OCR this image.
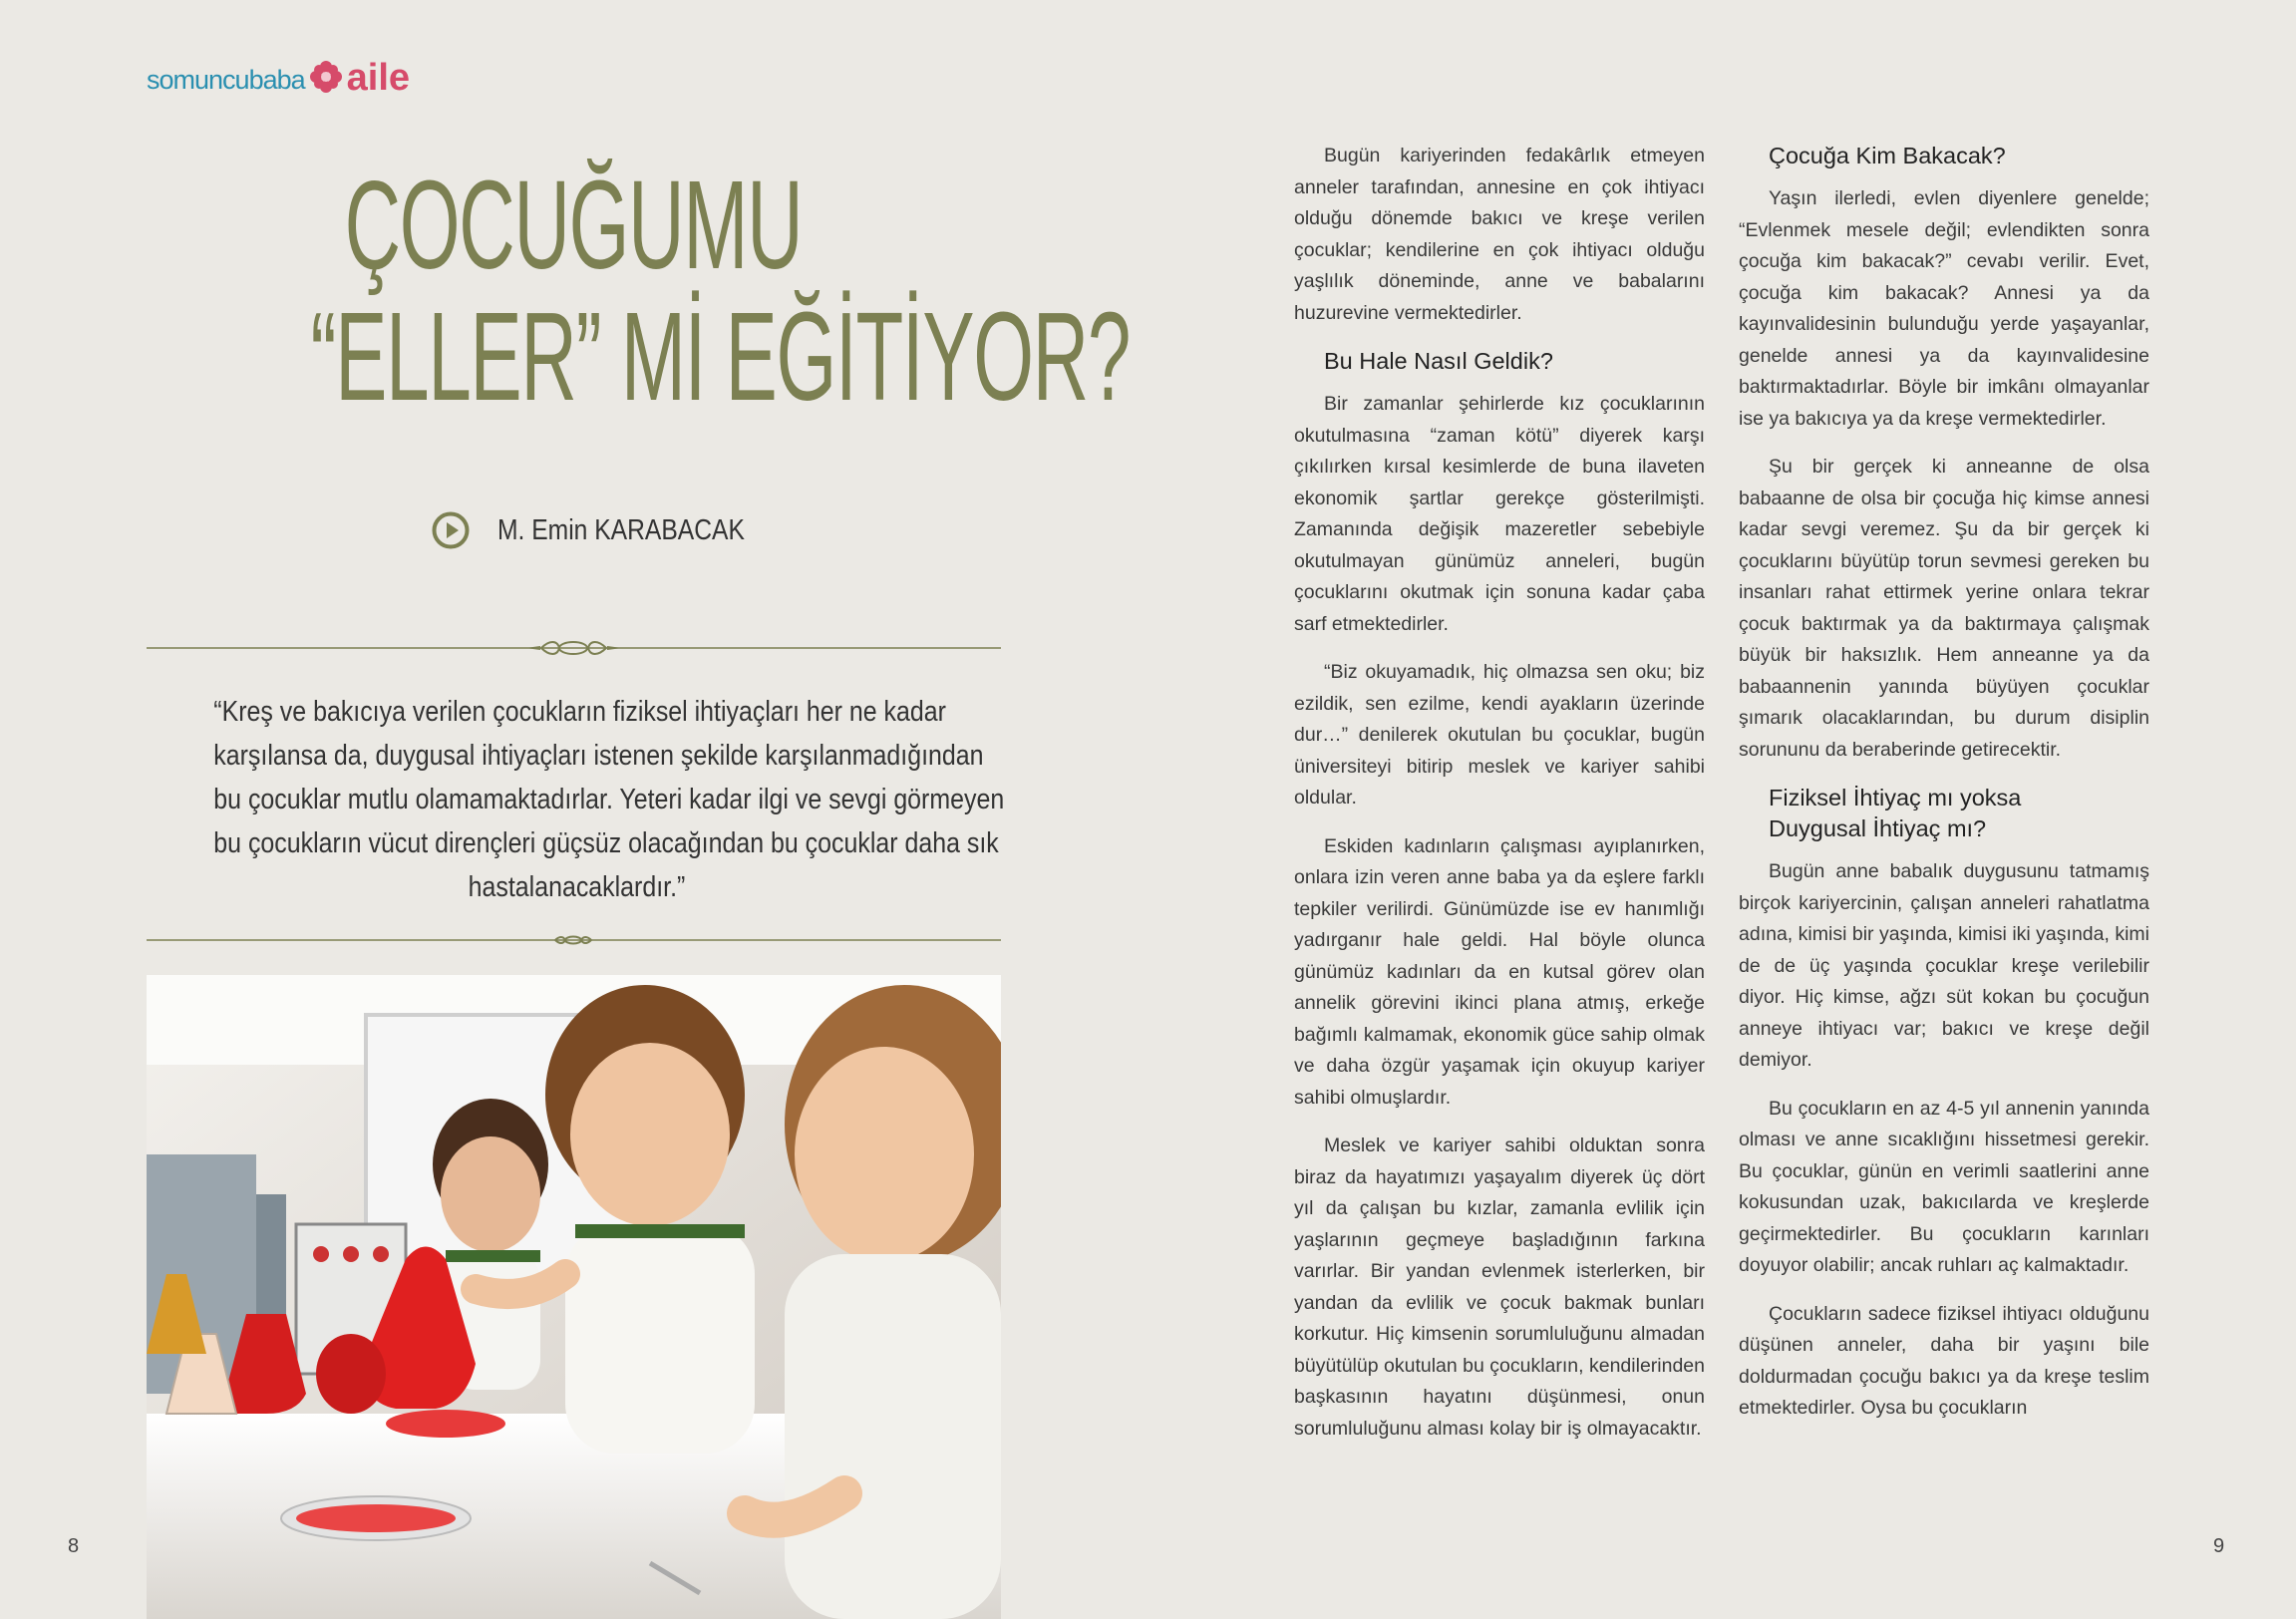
somuncu baba aile
ÇOCUĞUMU
“ELLER” Mİ EĞİTİYOR?
M. Emin KARABACAK

“Kreş ve bakıcıya verilen çocukların fiziksel ihtiyaçları her ne kadar

karşılansa da, duygusal ihtiyaçları istenen şekilde karşılanmadığından

bu çocuklar mutlu olamamaktadırlar. Yeteri kadar ilgi ve sevgi görmeyen

bu çocukların vücut dirençleri güçsüz olacağından bu çocuklar daha sık

hastalanacaklardır.”

8	9

Bugün kariyerinden fedakârlık etmeyen anneler tarafından, annesine en çok ihtiyacı olduğu dönemde bakıcı ve kreşe verilen çocuklar; kendilerine en çok ihtiyacı olduğu yaşlılık döneminde, anne ve babalarını huzurevine vermektedirler.

Bu Hale Nasıl Geldik?

Bir zamanlar şehirlerde kız çocuklarının okutulmasına “zaman kötü” diyerek karşı çıkılırken kırsal kesimlerde de buna ilaveten ekonomik şartlar gerekçe gösterilmişti. Zamanında değişik mazeretler sebebiyle okutulmayan günümüz anneleri, bugün çocuklarını okutmak için sonuna kadar çaba sarf etmektedirler.

“Biz okuyamadık, hiç olmazsa sen oku; biz ezildik, sen ezilme, kendi ayakların üzerinde dur…” denilerek okutulan bu çocuklar, bugün üniversiteyi bitirip meslek ve kariyer sahibi oldular.

Eskiden kadınların çalışması ayıplanırken, onlara izin veren anne baba ya da eşlere farklı tepkiler verilirdi. Günümüzde ise ev hanımlığı yadırganır hale geldi. Hal böyle olunca günümüz kadınları da en kutsal görev olan annelik görevini ikinci plana atmış, erkeğe bağımlı kalmamak, ekonomik güce sahip olmak ve daha özgür yaşamak için okuyup kariyer sahibi olmuşlardır.

Meslek ve kariyer sahibi olduktan sonra biraz da hayatımızı yaşayalım diyerek üç dört yıl da çalışan bu kızlar, zamanla evlilik için yaşlarının geçmeye başladığının farkına varırlar. Bir yandan evlenmek isterlerken, bir yandan da evlilik ve çocuk bakmak bunları korkutur. Hiç kimsenin sorumluluğunu almadan büyütülüp okutulan bu çocukların, kendilerinden başkasının hayatını düşünmesi, onun sorumluluğunu alması kolay bir iş olmayacaktır.

Çocuğa Kim Bakacak?

Yaşın ilerledi, evlen diyenlere genelde; “Evlenmek mesele değil; evlendikten sonra çocuğa kim bakacak?” cevabı verilir. Evet, çocuğa kim bakacak? Annesi ya da kayınvalidesinin bulunduğu yerde yaşayanlar, genelde annesi ya da kayınvalidesine baktırmaktadırlar. Böyle bir imkânı olmayanlar ise ya bakıcıya ya da kreşe vermektedirler.

Şu bir gerçek ki anneanne de olsa babaanne de olsa bir çocuğa hiç kimse annesi kadar sevgi veremez. Şu da bir gerçek ki çocuklarını büyütüp torun sevmesi gereken bu insanları rahat ettirmek yerine onlara tekrar çocuk baktırmak ya da baktırmaya çalışmak büyük bir haksızlık. Hem anneanne ya da babaannenin yanında büyüyen çocuklar şımarık olacaklarından, bu durum disiplin sorununu da beraberinde getirecektir.

Fiziksel İhtiyaç mı yoksa
Duygusal İhtiyaç mı?

Bugün anne babalık duygusunu tatmamış birçok kariyercinin, çalışan anneleri rahatlatma adına, kimisi bir yaşında, kimisi iki yaşında, kimi de de üç yaşında çocuklar kreşe verilebilir diyor. Hiç kimse, ağzı süt kokan bu çocuğun anneye ihtiyacı var; bakıcı ve kreşe değil demiyor.

Bu çocukların en az 4-5 yıl annenin yanında olması ve anne sıcaklığını hissetmesi gerekir. Bu çocuklar, günün en verimli saatlerini anne kokusundan uzak, bakıcılarda ve kreşlerde geçirmektedirler. Bu çocukların karınları doyuyor olabilir; ancak ruhları aç kalmaktadır.

Çocukların sadece fiziksel ihtiyacı olduğunu düşünen anneler, daha bir yaşını bile doldurmadan çocuğu bakıcı ya da kreşe teslim etmektedirler. Oysa bu çocukların
